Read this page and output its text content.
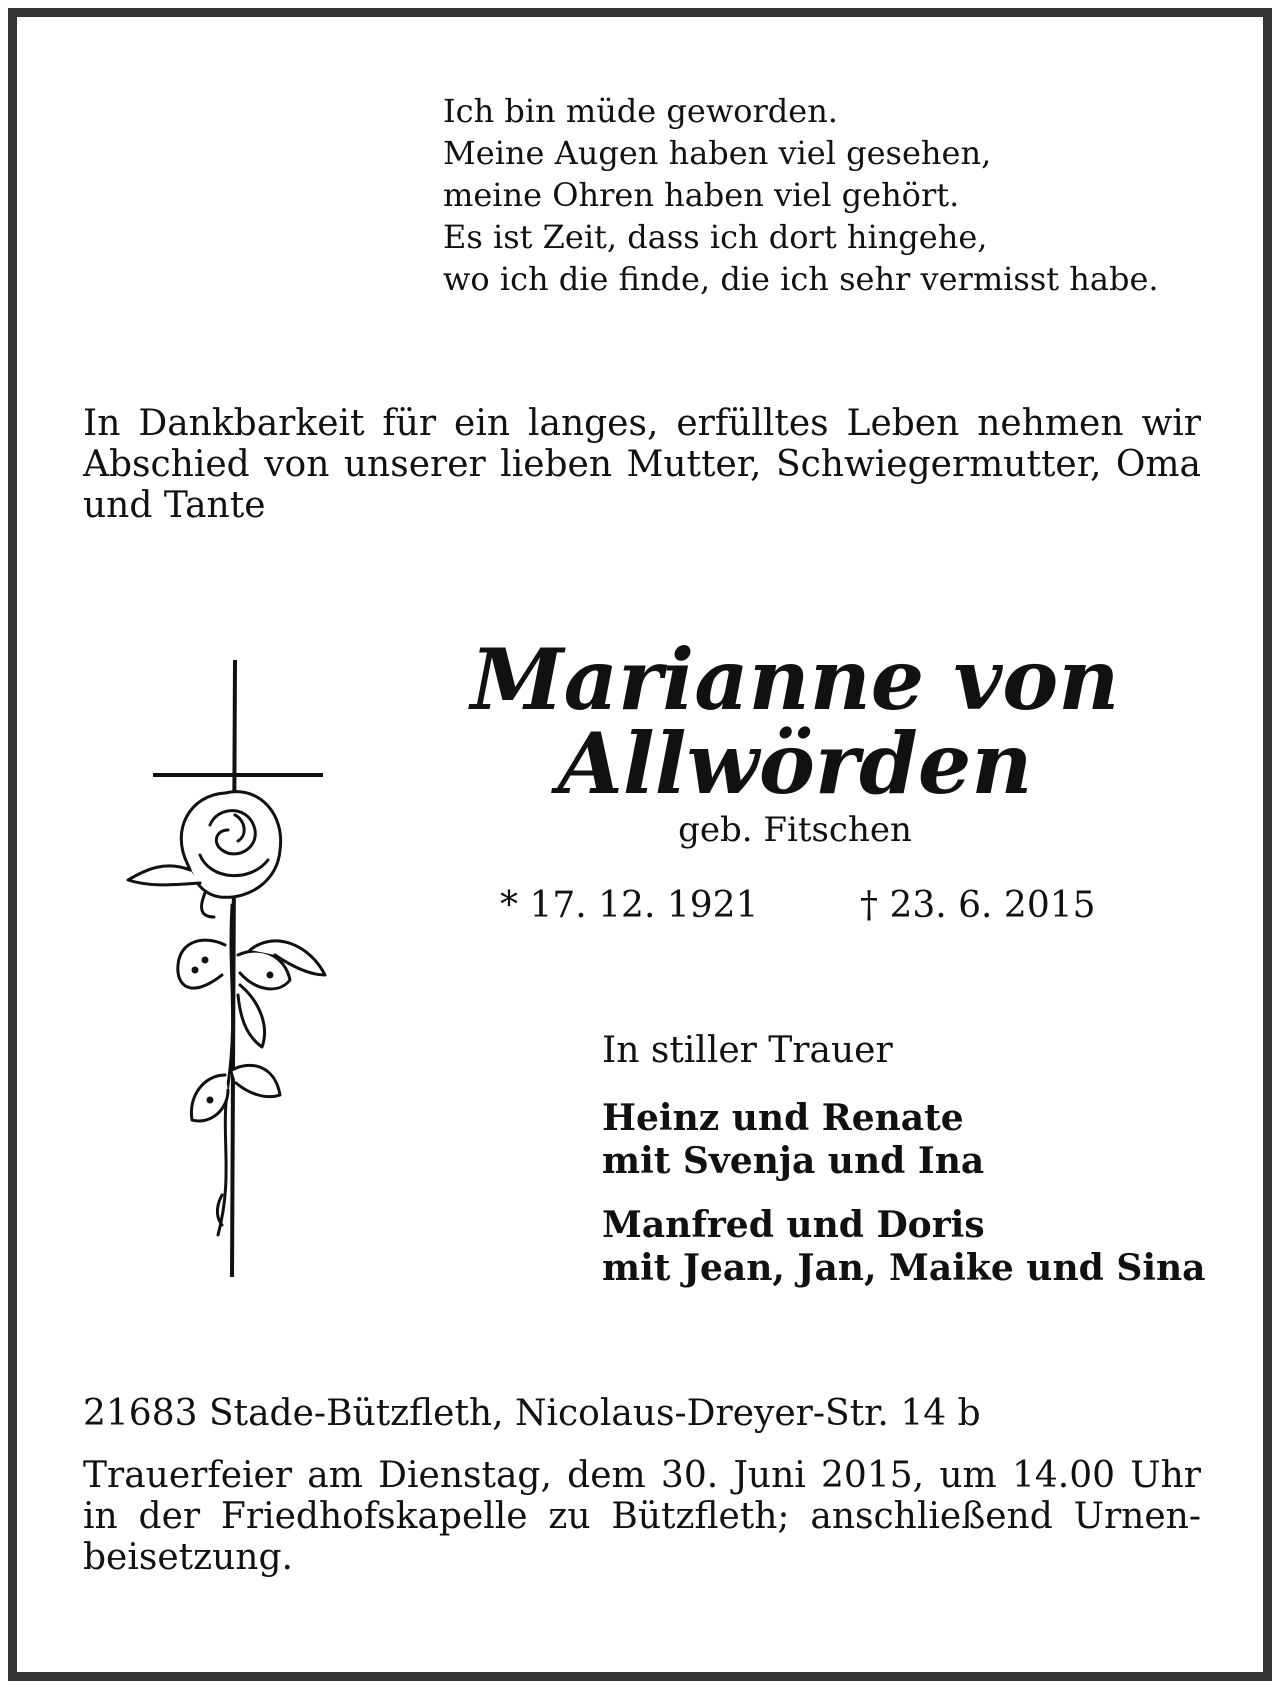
Ich bin müde geworden.
Meine Augen haben viel gesehen,
meine Ohren haben viel gehört.
Es ist Zeit, dass ich dort hingehe,
wo ich die finde, die ich sehr vermisst habe.
In Dankbarkeit für ein langes, erfülltes Leben nehmen wir Abschied von unserer lieben Mutter, Schwiegermutter, Oma und Tante
Marianne von
Allwörden
geb. Fitschen
* 17. 12. 1921	† 23. 6. 2015
In stiller Trauer
Heinz und Renate
mit Svenja und Ina
Manfred und Doris
mit Jean, Jan, Maike und Sina
21683 Stade-Bützfleth, Nicolaus-Dreyer-Str. 14 b
Trauerfeier am Dienstag, dem 30. Juni 2015, um 14.00 Uhr in der Friedhofskapelle zu Bützfleth; anschließend Urnen-beisetzung.
